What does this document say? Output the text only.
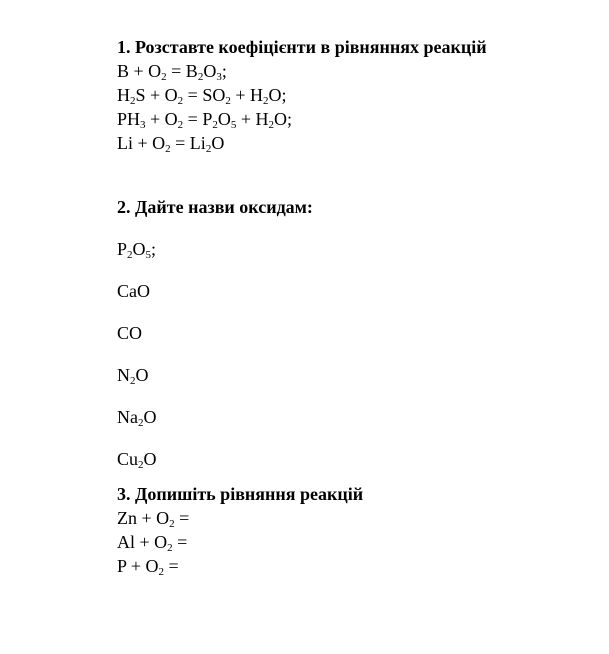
1. Розставте коефіцієнти в рівняннях реакцій
$B + O_2 = B_2O_3$;
$H_2S + O_2 = SO_2 + H_2O$;
$PH_3 + O_2 = P_2O_5 + H_2O$;
$Li + O_2 = Li_2O$
2. Дайте назви оксидам:
$P_2O_5$;
CaO
CO
$N_2O$
$Na_2O$
$Cu_2O$
3. Допишіть рівняння реакцій
$Zn + O_2$ =
$Al + O_2$ =
$P + O_2$ =
